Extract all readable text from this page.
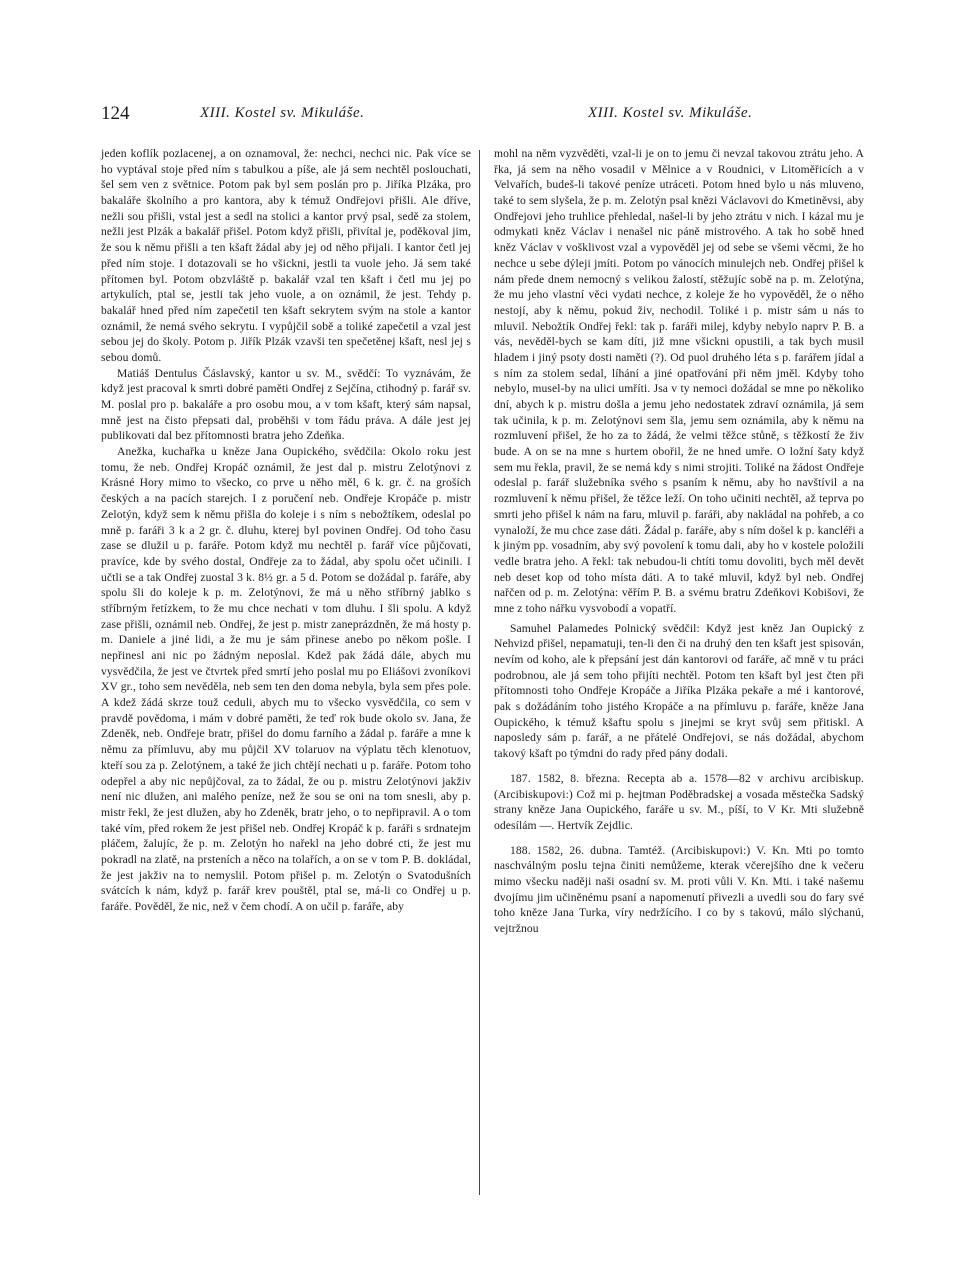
124	XIII. Kostel sv. Mikuláše.	XIII. Kostel sv. Mikuláše.

jeden koflík pozlacenej, a on oznamoval, že: nechci, nechci nic. Pak více se ho vyptával stoje před ním s tabulkou a píše, ale já sem nechtěl poslouchati, šel sem ven z světnice. Potom pak byl sem poslán pro p. Jiříka Plzáka, pro bakaláře školního a pro kantora, aby k témuž Ondřejovi přišli. Ale dříve, nežli sou přišli, vstal jest a sedl na stolici a kantor prvý psal, sedě za stolem, nežli jest Plzák a bakalář přišel. Potom když přišli, přivítal je, poděkoval jim, že sou k němu přišli a ten kšaft žádal aby jej od něho přijali. I kantor četl jej před ním stoje. I dotazovali se ho všickni, jestli ta vuole jeho. Já sem také přítomen byl. Potom obzvláště p. bakalář vzal ten kšaft i četl mu jej po artykulích, ptal se, jestli tak jeho vuole, a on oznámil, že jest. Tehdy p. bakalář hned před ním zapečetil ten kšaft sekrytem svým na stole a kantor oznámil, že nemá svého sekrytu. I vypůjčil sobě a toliké zapečetil a vzal jest sebou jej do školy. Potom p. Jiřík Plzák vzavši ten spečetěnej kšaft, nesl jej s sebou domů.

Matiáš Dentulus Čáslavský, kantor u sv. M., svědčí: To vyznávám, že když jest pracoval k smrti dobré paměti Ondřej z Sejčína, ctihodný p. farář sv. M. poslal pro p. bakaláře a pro osobu mou, a v tom kšaft, který sám napsal, mně jest na čisto přepsati dal, proběhši v tom řádu práva. A dále jest jej publikovati dal bez přítomnosti bratra jeho Zdeňka.

Anežka, kuchařka u kněze Jana Oupického, svědčila: Okolo roku jest tomu, že neb. Ondřej Kropáč oznámil, že jest dal p. mistru Zelotýnovi z Krásné Hory mimo to všecko, co prve u něho měl, 6 k. gr. č. na groších českých a na pacích starejch. I z poručení neb. Ondřeje Kropáče p. mistr Zelotýn, když sem k němu přišla do koleje i s ním s nebožtíkem, odeslal po mně p. faráři 3 k a 2 gr. č. dluhu, kterej byl povinen Ondřej. Od toho času zase se dlužil u p. faráře. Potom když mu nechtěl p. farář více půjčovati, pravíce, kde by svého dostal, Ondřeje za to žádal, aby spolu očet učinili. I učtli se a tak Ondřej zuostal 3 k. 8½ gr. a 5 d. Potom se dožádal p. faráře, aby spolu šli do koleje k p. m. Zelotýnovi, že má u něho stříbrný jablko s stříbrným řetízkem, to že mu chce nechati v tom dluhu. I šli spolu. A když zase přišli, oznámil neb. Ondřej, že jest p. mistr zaneprázdněn, že má hosty p. m. Daniele a jiné lidi, a že mu je sám přinese anebo po někom pošle. I nepřinesl ani nic po žádným neposlal. Kdež pak žádá dále, abych mu vysvědčila, že jest ve čtvrtek před smrtí jeho poslal mu po Eliášovi zvoníkovi XV gr., toho sem nevěděla, neb sem ten den doma nebyla, byla sem přes pole. A kdež žádá skrze touž ceduli, abych mu to všecko vysvědčila, co sem v pravdě povědoma, i mám v dobré paměti, že teď rok bude okolo sv. Jana, že Zdeněk, neb. Ondřeje bratr, přišel do domu farního a žádal p. faráře a mne k němu za přímluvu, aby mu půjčil XV tolaruov na výplatu těch klenotuov, kteří sou za p. Zelotýnem, a také že jich chtějí nechati u p. faráře. Potom toho odepřel a aby nic nepůjčoval, za to žádal, že ou p. mistru Zelotýnovi jakživ není nic dlužen, ani malého peníze, než že sou se oni na tom snesli, aby p. mistr řekl, že jest dlužen, aby ho Zdeněk, bratr jeho, o to nepřipravil. A o tom také vím, před rokem že jest přišel neb. Ondřej Kropáč k p. faráři s srdnatejm pláčem, žalujíc, že p. m. Zelotýn ho nařekl na jeho dobré cti, že jest mu pokradl na zlatě, na prsteních a něco na tolařích, a on se v tom P. B. dokládal, že jest jakživ na to nemyslil. Potom přišel p. m. Zelotýn o Svatodušních svátcích k nám, když p. farář krev pouštěl, ptal se, má-li co Ondřej u p. faráře. Pověděl, že nic, než v čem chodí. A on učil p. faráře, aby

mohl na něm vyzvěděti, vzal-li je on to jemu či nevzal takovou ztrátu jeho. A řka, já sem na něho vosadil v Mělnice a v Roudnici, v Litoměřicích a v Velvařích, budeš-li takové peníze utráceti. Potom hned bylo u nás mluveno, také to sem slyšela, že p. m. Zelotýn psal knězi Václavovi do Kmetiněvsi, aby Ondřejovi jeho truhlice přehledal, našel-li by jeho ztrátu v nich. I kázal mu je odmykati kněz Václav i nenašel nic páně mistrového. A tak ho sobě hned kněz Václav v vošklivost vzal a vypověděl jej od sebe se všemi věcmi, že ho nechce u sebe dýleji jmíti. Potom po vánocích minulejch neb. Ondřej přišel k nám přede dnem nemocný s velikou žalostí, stěžujíc sobě na p. m. Zelotýna, že mu jeho vlastní věci vydati nechce, z koleje že ho vypověděl, že o něho nestojí, aby k němu, pokud živ, nechodil. Toliké i p. mistr sám u nás to mluvil. Nebožtík Ondřej řekl: tak p. faráři milej, kdyby nebylo naprv P. B. a vás, nevěděl-bych se kam díti, již mne všickni opustili, a tak bych musil hladem i jiný psoty dosti naměti (?). Od puol druhého léta s p. farářem jídal a s ním za stolem sedal, líhání a jiné opatřování při něm jměl. Kdyby toho nebylo, musel-by na ulici umříti. Jsa v ty nemoci dožádal se mne po několiko dní, abych k p. mistru došla a jemu jeho nedostatek zdraví oznámila, já sem tak učinila, k p. m. Zelotýnovi sem šla, jemu sem oznámila, aby k němu na rozmluvení přišel, že ho za to žádá, že velmi těžce stůně, s těžkostí že živ bude. A on se na mne s hurtem obořil, že ne hned umře. O ložní šaty když sem mu řekla, pravil, že se nemá kdy s nimi strojiti. Toliké na žádost Ondřeje odeslal p. farář služebníka svého s psaním k němu, aby ho navštívil a na rozmluvení k němu přišel, že těžce leží. On toho učiniti nechtěl, až teprva po smrti jeho přišel k nám na faru, mluvil p. faráři, aby nakládal na pohřeb, a co vynaloží, že mu chce zase dáti. Žádal p. faráře, aby s ním došel k p. kancléři a k jiným pp. vosadním, aby svý povolení k tomu dali, aby ho v kostele položili vedle bratra jeho. A řekl: tak nebudou-li chtíti tomu dovoliti, bych měl devět neb deset kop od toho místa dáti. A to také mluvil, když byl neb. Ondřej nařčen od p. m. Zelotýna: věřím P. B. a svému bratru Zdeňkovi Kobišovi, že mne z toho nářku vysvobodí a vopatří.

Samuhel Palamedes Polnický svědčil: Když jest kněz Jan Oupický z Nehvizd přišel, nepamatuji, ten-li den či na druhý den ten kšaft jest spisován, nevím od koho, ale k přepsání jest dán kantorovi od faráře, ač mně v tu práci podrobnou, ale já sem toho přijíti nechtěl. Potom ten kšaft byl jest čten při přítomnosti toho Ondřeje Kropáče a Jiříka Plzáka pekaře a mé i kantorové, pak s dožádáním toho jistého Kropáče a na přímluvu p. faráře, kněze Jana Oupického, k témuž kšaftu spolu s jinejmi se kryt svůj sem přitiskl. A naposledy sám p. farář, a ne přátelé Ondřejovi, se nás dožádal, abychom takový kšaft po týmdni do rady před pány dodali.

187. 1582, 8. března. Recepta ab a. 1578—82 v archivu arcibiskup. (Arcibiskupovi:) Což mi p. hejtman Poděbradskej a vosada městečka Sadský strany kněze Jana Oupického, faráře u sv. M., píší, to V Kr. Mti služebně odesílám —. Hertvík Zejdlic.

188. 1582, 26. dubna. Tamtéž. (Arcibiskupovi:) V. Kn. Mti po tomto naschválným poslu tejna činiti nemůžeme, kterak včerejšího dne k večeru mimo všecku naději naši osadní sv. M. proti vůli V. Kn. Mti. i také našemu dvojímu jim učiněnému psaní a napomenutí přivezli a uvedli sou do fary své toho kněze Jana Turka, víry nedržícího. I co by s takovú, málo slýchanú, vejtržnou
